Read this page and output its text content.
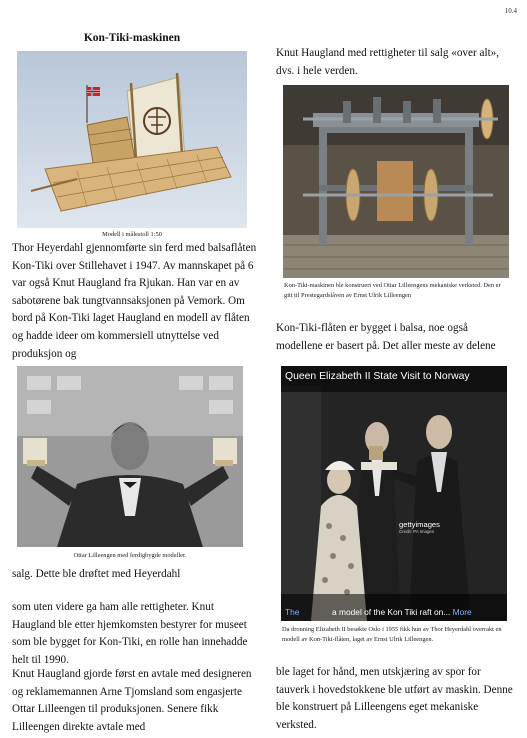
10.4
Kon-Tiki-maskinen
Modell i målestoll 1:50
Thor Heyerdahl gjennomførte sin ferd med balsaflåten Kon-Tiki over Stillehavet i 1947. Av mannskapet på 6 var også Knut Haugland fra Rjukan. Han var en av sabotørene bak tungtvannsaksjonen på Vemork. Om bord på Kon-Tiki laget Haugland en modell av flåten og hadde ideer om kommersiell utnyttelse ved produksjon og
Ottar Lilleengen med ferdigbygde modeller.
salg. Dette ble drøftet med Heyerdahl
som uten videre ga ham alle rettigheter. Knut Haugland ble etter hjemkomsten bestyrer for museet som ble bygget for Kon-Tiki, en rolle han innehadde helt til 1990.
Knut Haugland gjorde først en avtale med designeren og reklamemannen Arne Tjomsland som engasjerte Ottar Lilleengen til produksjonen. Senere fikk Lilleengen direkte avtale med
Knut Haugland med rettigheter til salg «over alt», dvs. i hele verden.
Kon-Tiki-maskinen ble konstruert ved Ottar Lilleengens mekaniske verksted. Den er gitt til Prestegardslåven av Ernst Ulrik Lilleengen
Kon-Tiki-flåten er bygget i balsa, noe også modellene er basert på. Det aller meste av delene
Queen Elizabeth II State Visit to Norway
gettyimages
Credit: PA Images
The	a model of the Kon Tiki raft on... More
Da dronning Elizabeth II besøkte Oslo i 1955 fikk hun av Thor Heyerdahl overrakt en modell av Kon-Tiki-flåten, laget av Ernst Ulrik Lilleengen.
ble laget for hånd, men utskjæring av spor for tauverk i hovedstokkene ble utført av maskin. Denne ble konstruert på Lilleengens eget mekaniske verksted.
